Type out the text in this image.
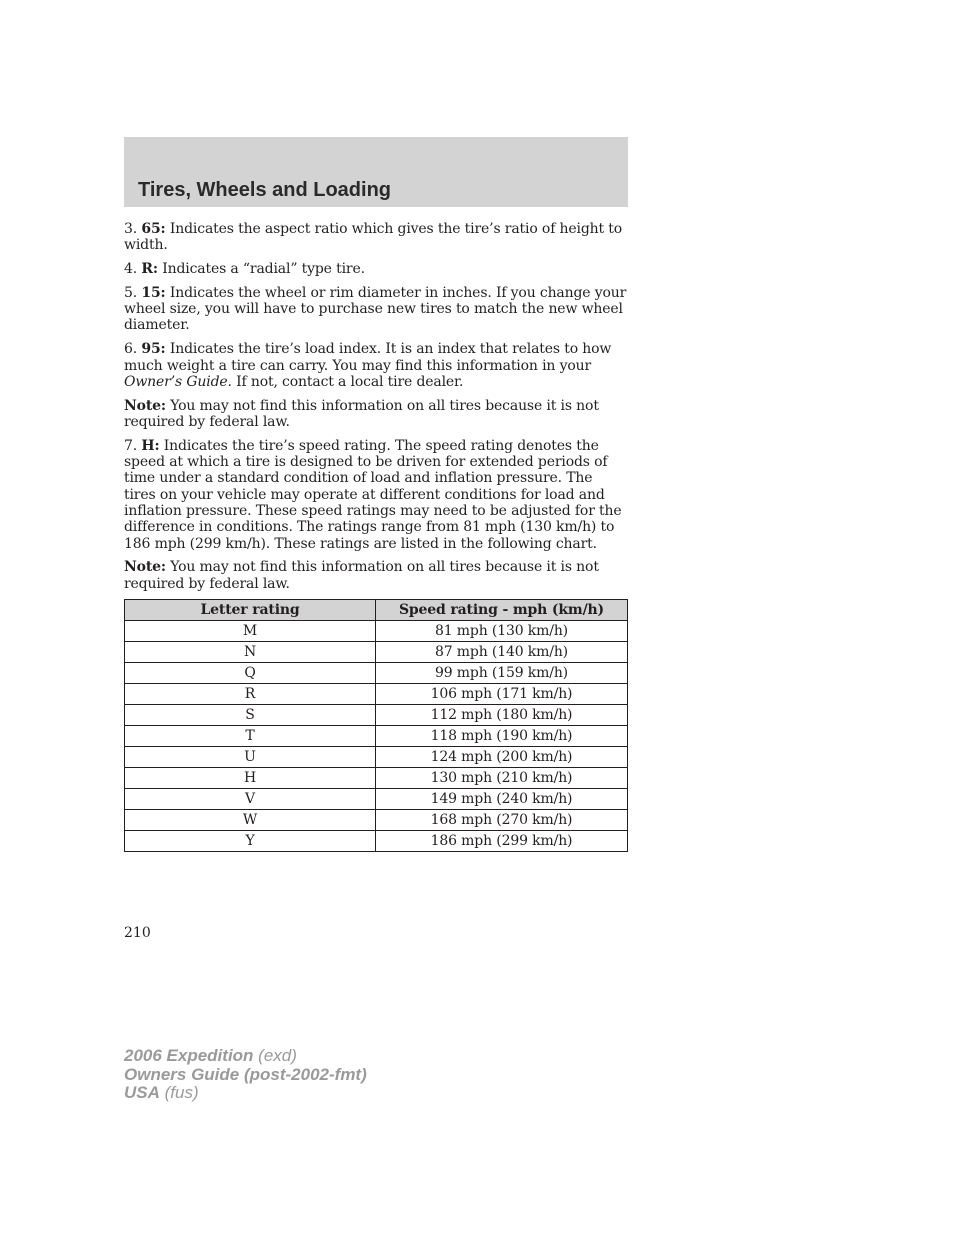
Tires, Wheels and Loading

3. 65: Indicates the aspect ratio which gives the tire’s ratio of height to width.

4. R: Indicates a “radial” type tire.

5. 15: Indicates the wheel or rim diameter in inches. If you change your wheel size, you will have to purchase new tires to match the new wheel diameter.

6. 95: Indicates the tire’s load index. It is an index that relates to how much weight a tire can carry. You may find this information in your Owner’s Guide. If not, contact a local tire dealer.

Note: You may not find this information on all tires because it is not required by federal law.

7. H: Indicates the tire’s speed rating. The speed rating denotes the speed at which a tire is designed to be driven for extended periods of time under a standard condition of load and inflation pressure. The tires on your vehicle may operate at different conditions for load and inflation pressure. These speed ratings may need to be adjusted for the difference in conditions. The ratings range from 81 mph (130 km/h) to 186 mph (299 km/h). These ratings are listed in the following chart.

Note: You may not find this information on all tires because it is not required by federal law.

Letter rating	Speed rating - mph (km/h)
M	81 mph (130 km/h)
N	87 mph (140 km/h)
Q	99 mph (159 km/h)
R	106 mph (171 km/h)
S	112 mph (180 km/h)
T	118 mph (190 km/h)
U	124 mph (200 km/h)
H	130 mph (210 km/h)
V	149 mph (240 km/h)
W	168 mph (270 km/h)
Y	186 mph (299 km/h)
210
2006 Expedition (exd)
Owners Guide (post-2002-fmt)
USA (fus)
